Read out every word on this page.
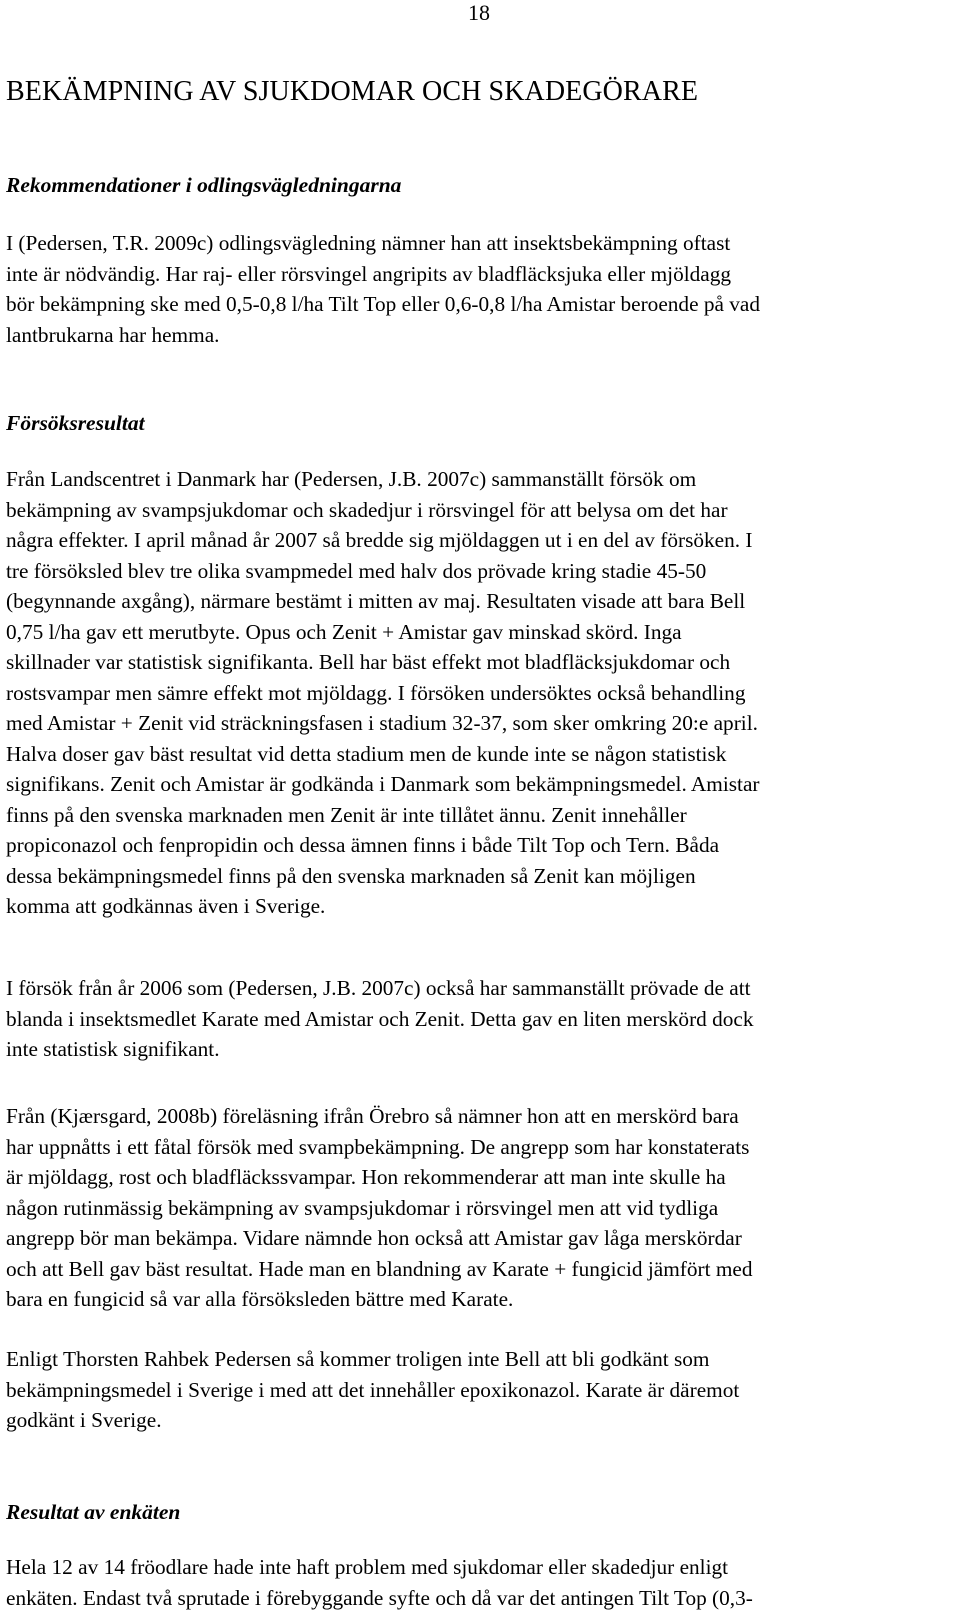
18
BEKÄMPNING AV SJUKDOMAR OCH SKADEGÖRARE
Rekommendationer i odlingsvägledningarna
I (Pedersen, T.R. 2009c) odlingsvägledning nämner han att insektsbekämpning oftast
inte är nödvändig. Har raj- eller rörsvingel angripits av bladfläcksjuka eller mjöldagg
bör bekämpning ske med 0,5-0,8 l/ha Tilt Top eller 0,6-0,8 l/ha Amistar beroende på vad
lantbrukarna har hemma.
Försöksresultat
Från Landscentret i Danmark har (Pedersen, J.B. 2007c) sammanställt försök om
bekämpning av svampsjukdomar och skadedjur i rörsvingel för att belysa om det har
några effekter. I april månad år 2007 så bredde sig mjöldaggen ut i en del av försöken. I
tre försöksled blev tre olika svampmedel med halv dos prövade kring stadie 45-50
(begynnande axgång), närmare bestämt i mitten av maj. Resultaten visade att bara Bell
0,75 l/ha gav ett merutbyte. Opus och Zenit + Amistar gav minskad skörd. Inga
skillnader var statistisk signifikanta. Bell har bäst effekt mot bladfläcksjukdomar och
rostsvampar men sämre effekt mot mjöldagg. I försöken undersöktes också behandling
med Amistar + Zenit vid sträckningsfasen i stadium 32-37, som sker omkring 20:e april.
Halva doser gav bäst resultat vid detta stadium men de kunde inte se någon statistisk
signifikans. Zenit och Amistar är godkända i Danmark som bekämpningsmedel. Amistar
finns på den svenska marknaden men Zenit är inte tillåtet ännu. Zenit innehåller
propiconazol och fenpropidin och dessa ämnen finns i både Tilt Top och Tern. Båda
dessa bekämpningsmedel finns på den svenska marknaden så Zenit kan möjligen
komma att godkännas även i Sverige.
I försök från år 2006 som (Pedersen, J.B. 2007c) också har sammanställt prövade de att
blanda i insektsmedlet Karate med Amistar och Zenit. Detta gav en liten merskörd dock
inte statistisk signifikant.
Från (Kjærsgard, 2008b) föreläsning ifrån Örebro så nämner hon att en merskörd bara
har uppnåtts i ett fåtal försök med svampbekämpning. De angrepp som har konstaterats
är mjöldagg, rost och bladfläckssvampar. Hon rekommenderar att man inte skulle ha
någon rutinmässig bekämpning av svampsjukdomar i rörsvingel men att vid tydliga
angrepp bör man bekämpa. Vidare nämnde hon också att Amistar gav låga merskördar
och att Bell gav bäst resultat. Hade man en blandning av Karate + fungicid jämfört med
bara en fungicid så var alla försöksleden bättre med Karate.
Enligt Thorsten Rahbek Pedersen så kommer troligen inte Bell att bli godkänt som
bekämpningsmedel i Sverige i med att det innehåller epoxikonazol. Karate är däremot
godkänt i Sverige.
Resultat av enkäten
Hela 12 av 14 fröodlare hade inte haft problem med sjukdomar eller skadedjur enligt
enkäten. Endast två sprutade i förebyggande syfte och då var det antingen Tilt Top (0,3-
